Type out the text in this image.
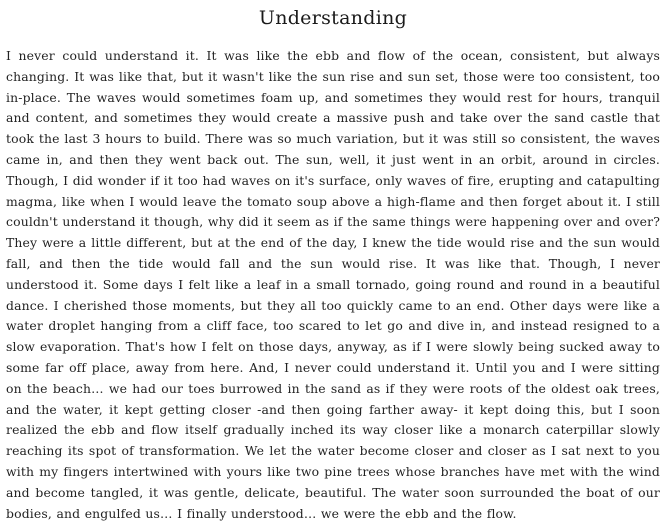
Understanding

I never could understand it. It was like the ebb and flow of the ocean, consistent, but always changing. It was like that, but it wasn't like the sun rise and sun set, those were too consistent, too in-place. The waves would sometimes foam up, and sometimes they would rest for hours, tranquil and content, and sometimes they would create a massive push and take over the sand castle that took the last 3 hours to build. There was so much variation, but it was still so consistent, the waves came in, and then they went back out. The sun, well, it just went in an orbit, around in circles. Though, I did wonder if it too had waves on it's surface, only waves of fire, erupting and catapulting magma, like when I would leave the tomato soup above a high-flame and then forget about it. I still couldn't understand it though, why did it seem as if the same things were happening over and over? They were a little different, but at the end of the day, I knew the tide would rise and the sun would fall, and then the tide would fall and the sun would rise. It was like that. Though, I never understood it. Some days I felt like a leaf in a small tornado, going round and round in a beautiful dance. I cherished those moments, but they all too quickly came to an end. Other days were like a water droplet hanging from a cliff face, too scared to let go and dive in, and instead resigned to a slow evaporation. That's how I felt on those days, anyway, as if I were slowly being sucked away to some far off place, away from here. And, I never could understand it. Until you and I were sitting on the beach… we had our toes burrowed in the sand as if they were roots of the oldest oak trees, and the water, it kept getting closer -and then going farther away- it kept doing this, but I soon realized the ebb and flow itself gradually inched its way closer like a monarch caterpillar slowly reaching its spot of transformation. We let the water become closer and closer as I sat next to you with my fingers intertwined with yours like two pine trees whose branches have met with the wind and become tangled, it was gentle, delicate, beautiful. The water soon surrounded the boat of our bodies, and engulfed us… I finally understood… we were the ebb and the flow.
